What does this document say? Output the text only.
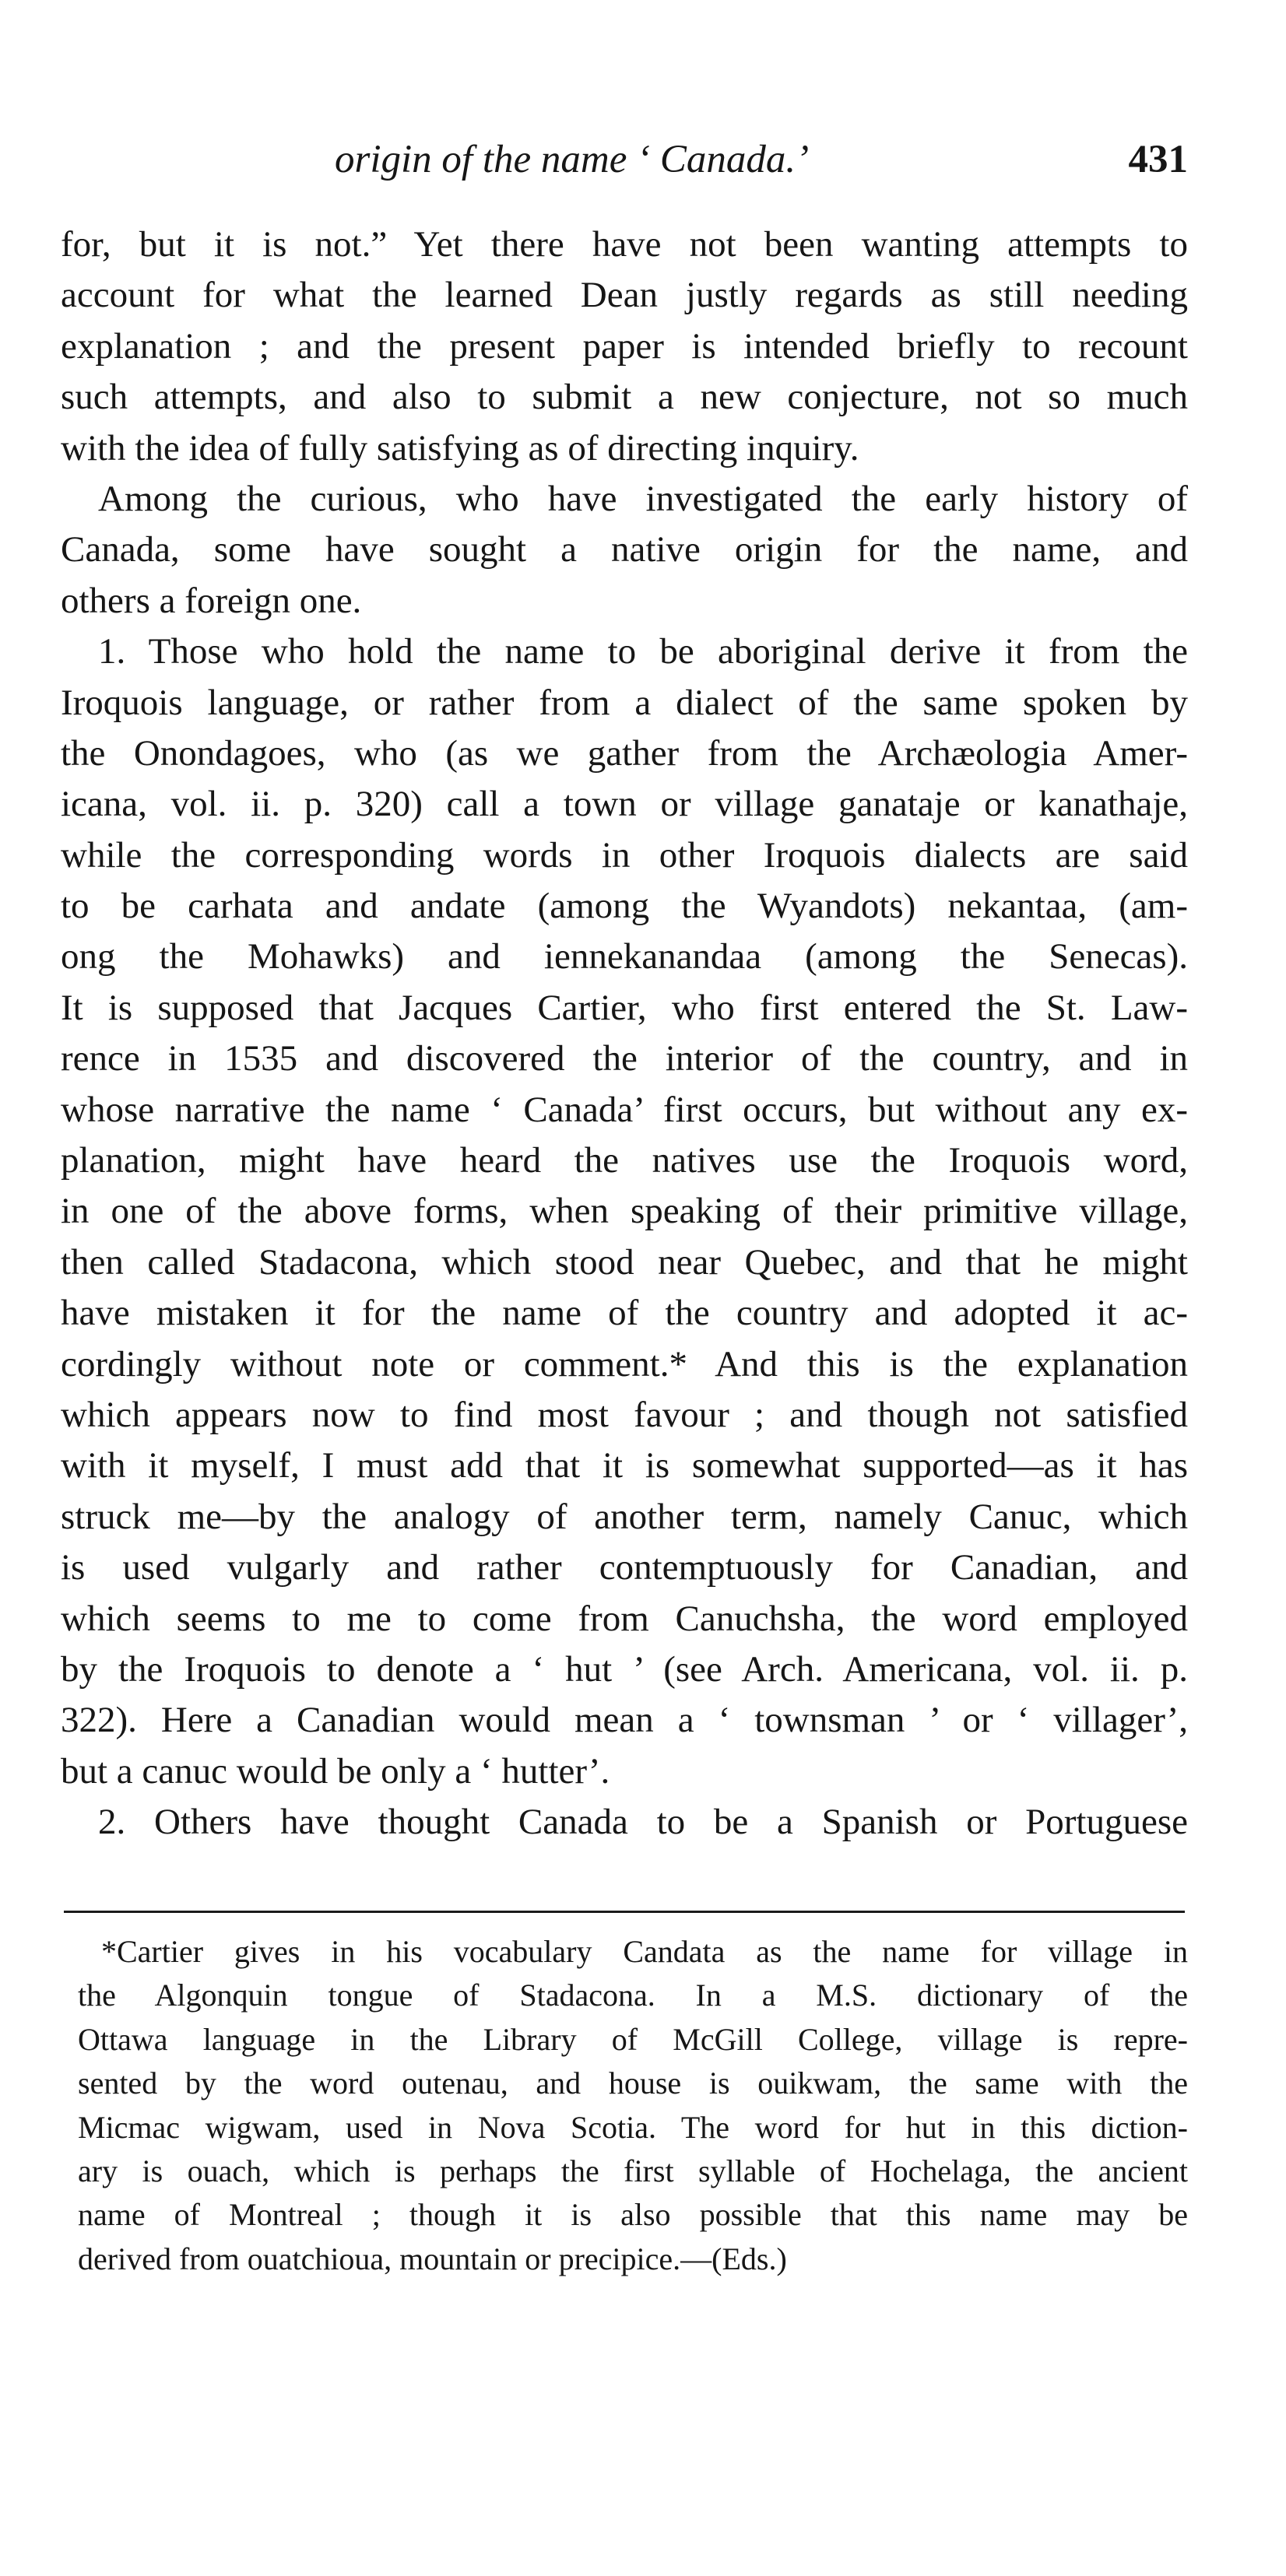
origin of the name ‘ Canada.’	431
for, but it is not.” Yet there have not been wanting attempts to
account for what the learned Dean justly regards as still needing
explanation ; and the present paper is intended briefly to recount
such attempts, and also to submit a new conjecture, not so much
with the idea of fully satisfying as of directing inquiry.
Among the curious, who have investigated the early history of
Canada, some have sought a native origin for the name, and
others a foreign one.
1. Those who hold the name to be aboriginal derive it from the
Iroquois language, or rather from a dialect of the same spoken by
the Onondagoes, who (as we gather from the Archæologia Amer-
icana, vol. ii. p. 320) call a town or village ganataje or kanathaje,
while the corresponding words in other Iroquois dialects are said
to be carhata and andate (among the Wyandots) nekantaa, (am-
ong the Mohawks) and iennekanandaa (among the Senecas).
It is supposed that Jacques Cartier, who first entered the St. Law-
rence in 1535 and discovered the interior of the country, and in
whose narrative the name ‘ Canada’ first occurs, but without any ex-
planation, might have heard the natives use the Iroquois word,
in one of the above forms, when speaking of their primitive village,
then called Stadacona, which stood near Quebec, and that he might
have mistaken it for the name of the country and adopted it ac-
cordingly without note or comment.* And this is the explanation
which appears now to find most favour ; and though not satisfied
with it myself, I must add that it is somewhat supported—as it has
struck me—by the analogy of another term, namely Canuc, which
is used vulgarly and rather contemptuously for Canadian, and
which seems to me to come from Canuchsha, the word employed
by the Iroquois to denote a ‘ hut ’ (see Arch. Americana, vol. ii. p.
322). Here a Canadian would mean a ‘ townsman ’ or ‘ villager’,
but a canuc would be only a ‘ hutter’.
2. Others have thought Canada to be a Spanish or Portuguese
*Cartier gives in his vocabulary Candata as the name for village in
the Algonquin tongue of Stadacona. In a M.S. dictionary of the
Ottawa language in the Library of McGill College, village is repre-
sented by the word outenau, and house is ouikwam, the same with the
Micmac wigwam, used in Nova Scotia. The word for hut in this diction-
ary is ouach, which is perhaps the first syllable of Hochelaga, the ancient
name of Montreal ; though it is also possible that this name may be
derived from ouatchioua, mountain or precipice.—(Eds.)
